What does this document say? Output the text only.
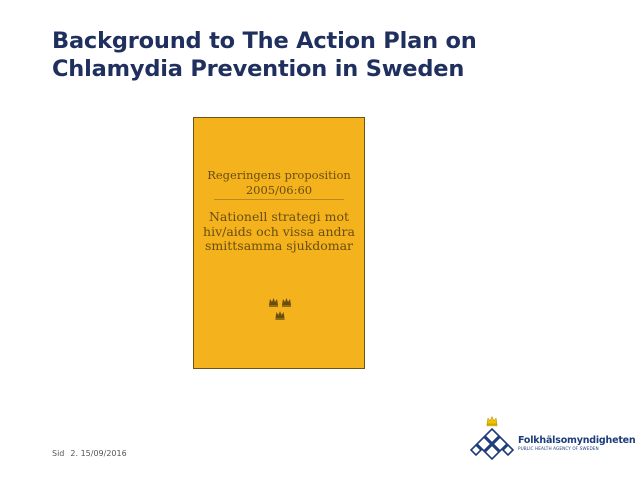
Background to The Action Plan on
Chlamydia Prevention in Sweden
Regeringens proposition
2005/06:60
Nationell strategi mot
hiv/aids och vissa andra
smittsamma sjukdomar
Sid 2. 15/09/2016
Folkhälsomyndigheten
PUBLIC HEALTH AGENCY OF SWEDEN
